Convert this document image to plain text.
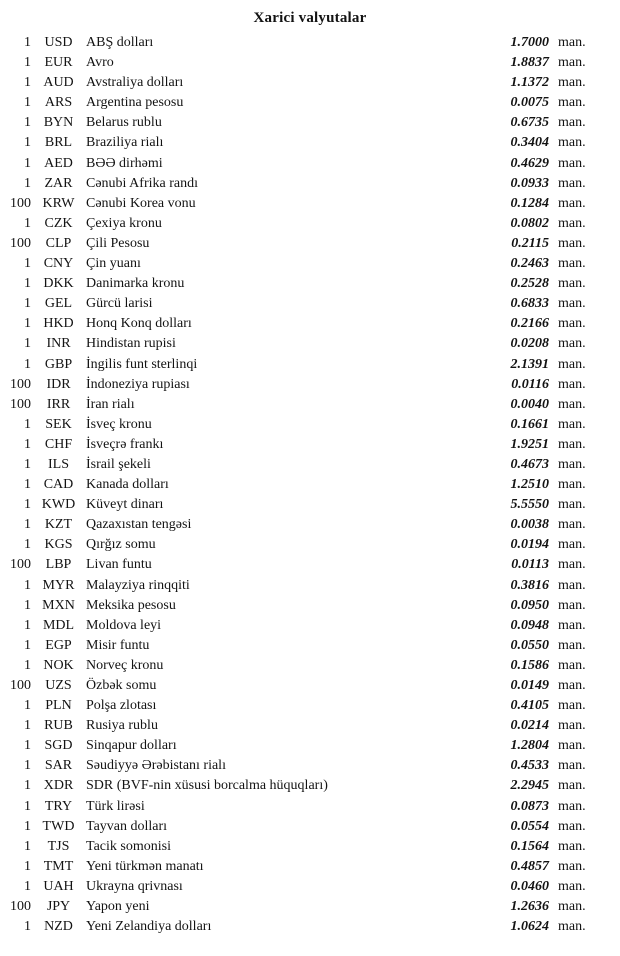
Xarici valyutalar
1 USD ABŞ dolları	1.7000 man.
1 EUR Avro	1.8837 man.
1 AUD Avstraliya dolları	1.1372 man.
1 ARS Argentina pesosu	0.0075 man.
1 BYN Belarus rublu	0.6735 man.
1 BRL Braziliya rialı	0.3404 man.
1 AED BƏƏ dirhəmi	0.4629 man.
1 ZAR Cənubi Afrika randı	0.0933 man.
100 KRW Cənubi Korea vonu	0.1284 man.
1 CZK Çexiya kronu	0.0802 man.
100	CLP	Çili Pesosu	0.2115 man.
1 CNY Çin yuanı	0.2463 man.
1 DKK Danimarka kronu	0.2528 man.
1 GEL Gürcü larisi	0.6833 man.
1 HKD Honq Konq dolları	0.2166 man.
1	INR	Hindistan rupisi	0.0208 man.
1 GBP İngilis funt sterlinqi	2.1391 man.
100	IDR	İndoneziya rupiası	0.0116 man.
100	IRR	İran rialı	0.0040 man.
1	SEK	İsveç kronu	0.1661 man.
1 CHF İsveçrə frankı	1.9251 man.
1	ILS	İsrail şekeli	0.4673 man.
1 CAD Kanada dolları	1.2510 man.
1 KWD Küveyt dinarı	5.5550 man.
1 KZT Qazaxıstan tengəsi	0.0038 man.
1 KGS Qırğız somu	0.0194 man.
100	LBP	Livan funtu	0.0113 man.
1 MYR Malayziya rinqqiti	0.3816 man.
1 MXN Meksika pesosu	0.0950 man.
1 MDL Moldova leyi	0.0948 man.
1	EGP	Misir funtu	0.0550 man.
1 NOK Norveç kronu	0.1586 man.
100	UZS	Özbək somu	0.0149 man.
1	PLN	Polşa zlotası	0.4105 man.
1 RUB Rusiya rublu	0.0214 man.
1 SGD Sinqapur dolları	1.2804 man.
1 SAR Səudiyyə Ərəbistanı rialı	0.4533 man.
1 XDR SDR (BVF-nin xüsusi borcalma hüquqları)	2.2945 man.
1 TRY Türk lirəsi	0.0873 man.
1 TWD Tayvan dolları	0.0554 man.
1	TJS	Tacik somonisi	0.1564 man.
1 TMT Yeni türkmən manatı	0.4857 man.
1 UAH Ukrayna qrivnası	0.0460 man.
100	JPY	Yapon yeni	1.2636 man.
1 NZD Yeni Zelandiya dolları	1.0624 man.
